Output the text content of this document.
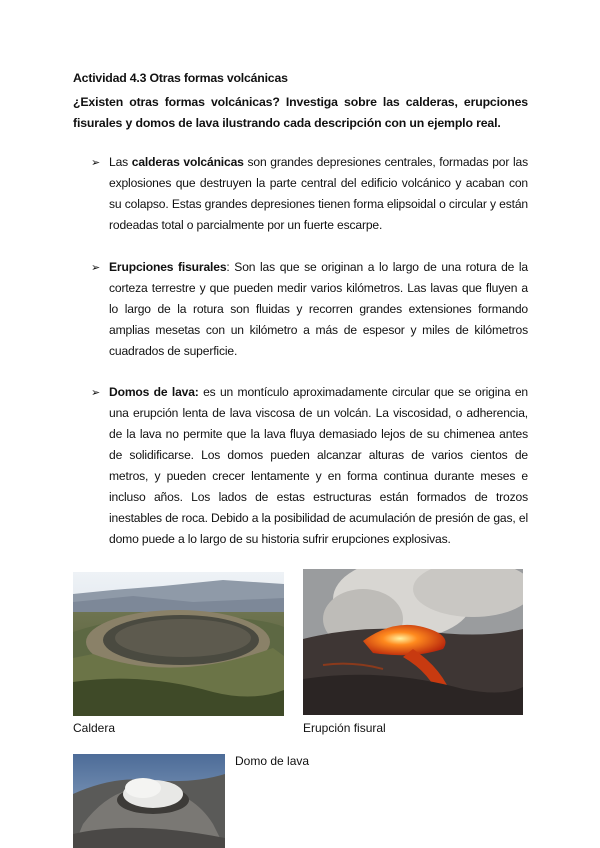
Actividad 4.3 Otras formas volcánicas
¿Existen otras formas volcánicas? Investiga sobre las calderas, erupciones fisurales y domos de lava ilustrando cada descripción con un ejemplo real.
➢ Las calderas volcánicas son grandes depresiones centrales, formadas por las explosiones que destruyen la parte central del edificio volcánico y acaban con su colapso. Estas grandes depresiones tienen forma elipsoidal o circular y están rodeadas total o parcialmente por un fuerte escarpe.
➢ Erupciones fisurales: Son las que se originan a lo largo de una rotura de la corteza terrestre y que pueden medir varios kilómetros. Las lavas que fluyen a lo largo de la rotura son fluidas y recorren grandes extensiones formando amplias mesetas con un kilómetro a más de espesor y miles de kilómetros cuadrados de superficie.
➢ Domos de lava: es un montículo aproximadamente circular que se origina en una erupción lenta de lava viscosa de un volcán. La viscosidad, o adherencia, de la lava no permite que la lava fluya demasiado lejos de su chimenea antes de solidificarse. Los domos pueden alcanzar alturas de varios cientos de metros, y pueden crecer lentamente y en forma continua durante meses e incluso años. Los lados de estas estructuras están formados de trozos inestables de roca. Debido a la posibilidad de acumulación de presión de gas, el domo puede a lo largo de su historia sufrir erupciones explosivas.
Caldera	Erupción fisural
Domo de lava
